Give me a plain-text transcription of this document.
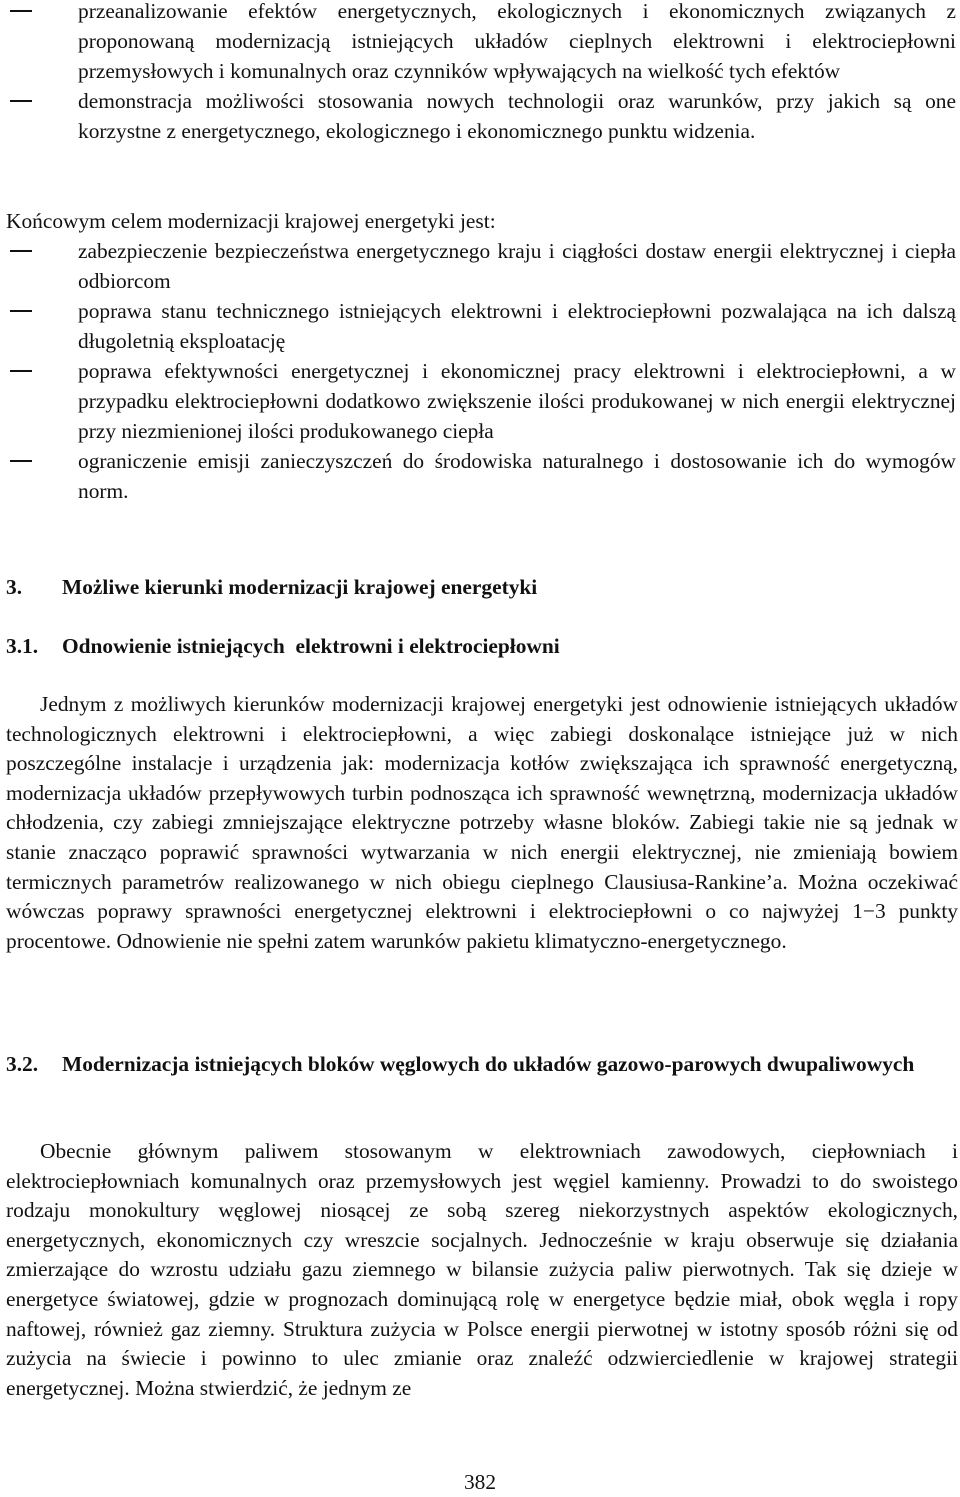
przeanalizowanie efektów energetycznych, ekologicznych i ekonomicznych związanych z proponowaną modernizacją istniejących układów cieplnych elektrowni i elektrociepłowni przemysłowych i komunalnych oraz czynników wpływających na wielkość tych efektów
demonstracja możliwości stosowania nowych technologii oraz warunków, przy jakich są one korzystne z energetycznego, ekologicznego i ekonomicznego punktu widzenia.
Końcowym celem modernizacji krajowej energetyki jest:
zabezpieczenie bezpieczeństwa energetycznego kraju i ciągłości dostaw energii elektrycznej i ciepła odbiorcom
poprawa stanu technicznego istniejących elektrowni i elektrociepłowni pozwalająca na ich dalszą długoletnią eksploatację
poprawa efektywności energetycznej i ekonomicznej pracy elektrowni i elektrociepłowni, a w przypadku elektrociepłowni dodatkowo zwiększenie ilości produkowanej w nich energii elektrycznej przy niezmienionej ilości produkowanego ciepła
ograniczenie emisji zanieczyszczeń do środowiska naturalnego i dostosowanie ich do wymogów norm.
3.	Możliwe kierunki modernizacji krajowej energetyki
3.1.	Odnowienie istniejących  elektrowni i elektrociepłowni

Jednym z możliwych kierunków modernizacji krajowej energetyki jest odnowienie istniejących układów technologicznych elektrowni i elektrociepłowni, a więc zabiegi doskonalące istniejące już w nich poszczególne instalacje i urządzenia jak: modernizacja kotłów zwiększająca ich sprawność energetyczną, modernizacja układów przepływowych turbin podnosząca ich sprawność wewnętrzną, modernizacja układów chłodzenia, czy zabiegi zmniejszające elektryczne potrzeby własne bloków. Zabiegi takie nie są jednak w stanie znacząco poprawić sprawności wytwarzania w nich energii elektrycznej, nie zmieniają bowiem termicznych parametrów realizowanego w nich obiegu cieplnego Clausiusa-Rankine’a. Można oczekiwać wówczas poprawy sprawności energetycznej elektrowni i elektrociepłowni o co najwyżej 1−3 punkty procentowe. Odnowienie nie spełni zatem warunków pakietu klimatyczno-energetycznego.

3.2.	Modernizacja istniejących bloków węglowych do układów gazowo-parowych dwupaliwowych

Obecnie głównym paliwem stosowanym w elektrowniach zawodowych, ciepłowniach i elektrociepłowniach komunalnych oraz przemysłowych jest węgiel kamienny. Prowadzi to do swoistego rodzaju monokultury węglowej niosącej ze sobą szereg niekorzystnych aspektów ekologicznych, energetycznych, ekonomicznych czy wreszcie socjalnych. Jednocześnie w kraju obserwuje się działania zmierzające do wzrostu udziału gazu ziemnego w bilansie zużycia paliw pierwotnych. Tak się dzieje w energetyce światowej, gdzie w prognozach dominującą rolę w energetyce będzie miał, obok węgla i ropy naftowej, również gaz ziemny. Struktura zużycia w Polsce energii pierwotnej w istotny sposób różni się od zużycia na świecie i powinno to ulec zmianie oraz znaleźć odzwierciedlenie w krajowej strategii energetycznej. Można stwierdzić, że jednym ze

382
